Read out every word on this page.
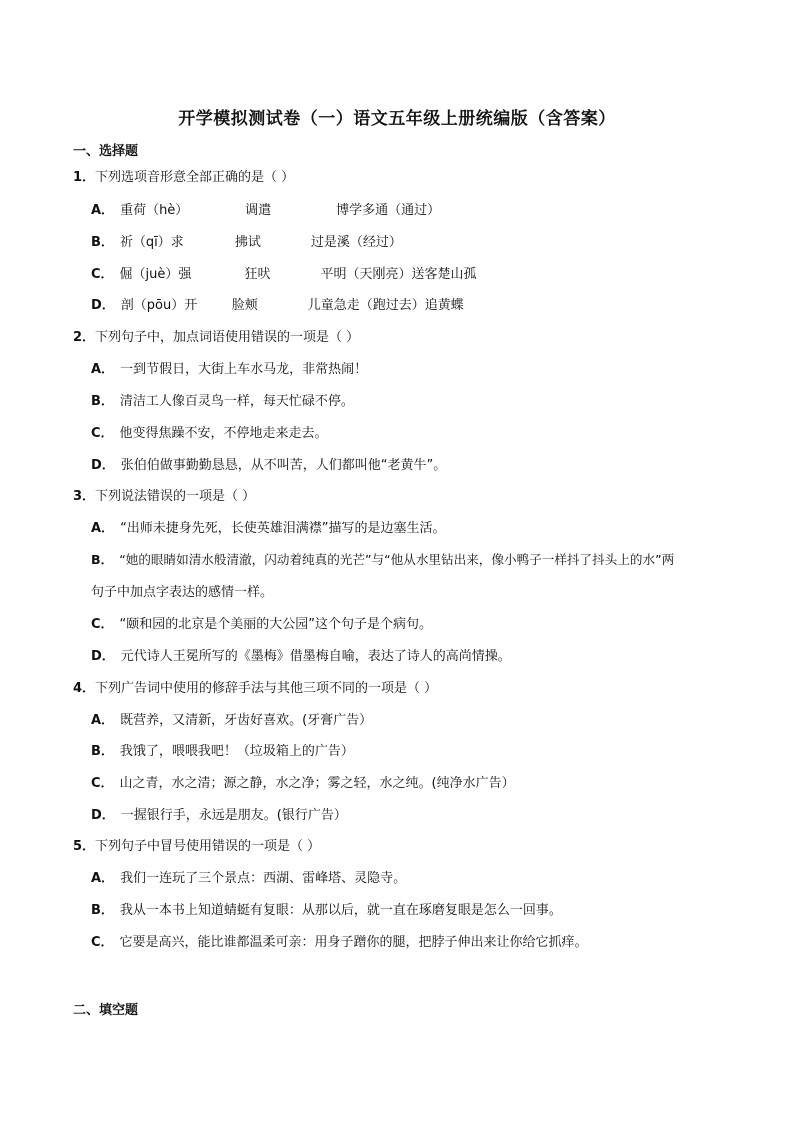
开学模拟测试卷（一）语文五年级上册统编版（含答案）
一、选择题
1．下列选项音形意全部正确的是（ ）
A． 重荷（hè）	调遣	博学多通（通过）
B． 祈（qī）求	拂试	过是溪（经过）
C． 倔（juè）强	狂吠	平明（天刚亮）送客楚山孤
D． 剖（pōu）开	脸颊	儿童急走（跑过去）追黄蝶
2．下列句子中，加点词语使用错误的一项是（ ）
A． 一到节假日，大街上车水马龙，非常热闹！
B． 清洁工人像百灵鸟一样，每天忙碌不停。
C． 他变得焦躁不安，不停地走来走去。
D． 张伯伯做事勤勤恳恳，从不叫苦，人们都叫他“老黄牛”。
3．下列说法错误的一项是（ ）
A． “出师未捷身先死，长使英雄泪满襟”描写的是边塞生活。
B． “她的眼睛如清水般清澈，闪动着纯真的光芒”与“他从水里钻出来，像小鸭子一样抖了抖头上的水”两
句子中加点字表达的感情一样。
C． “颐和园的北京是个美丽的大公园”这个句子是个病句。
D． 元代诗人王冕所写的《墨梅》借墨梅自喻，表达了诗人的高尚情操。
4．下列广告词中使用的修辞手法与其他三项不同的一项是（ ）
A． 既营养，又清新，牙齿好喜欢。(牙膏广告）
B． 我饿了，喂喂我吧！（垃圾箱上的广告）
C． 山之青，水之清；源之静，水之净；雾之轻，水之纯。(纯净水广告）
D． 一握银行手，永远是朋友。(银行广告）
5．下列句子中冒号使用错误的一项是（ ）
A． 我们一连玩了三个景点：西湖、雷峰塔、灵隐寺。
B． 我从一本书上知道蜻蜓有复眼：从那以后，就一直在琢磨复眼是怎么一回事。
C． 它要是高兴，能比谁都温柔可亲：用身子蹭你的腿，把脖子伸出来让你给它抓痒。
二、填空题
